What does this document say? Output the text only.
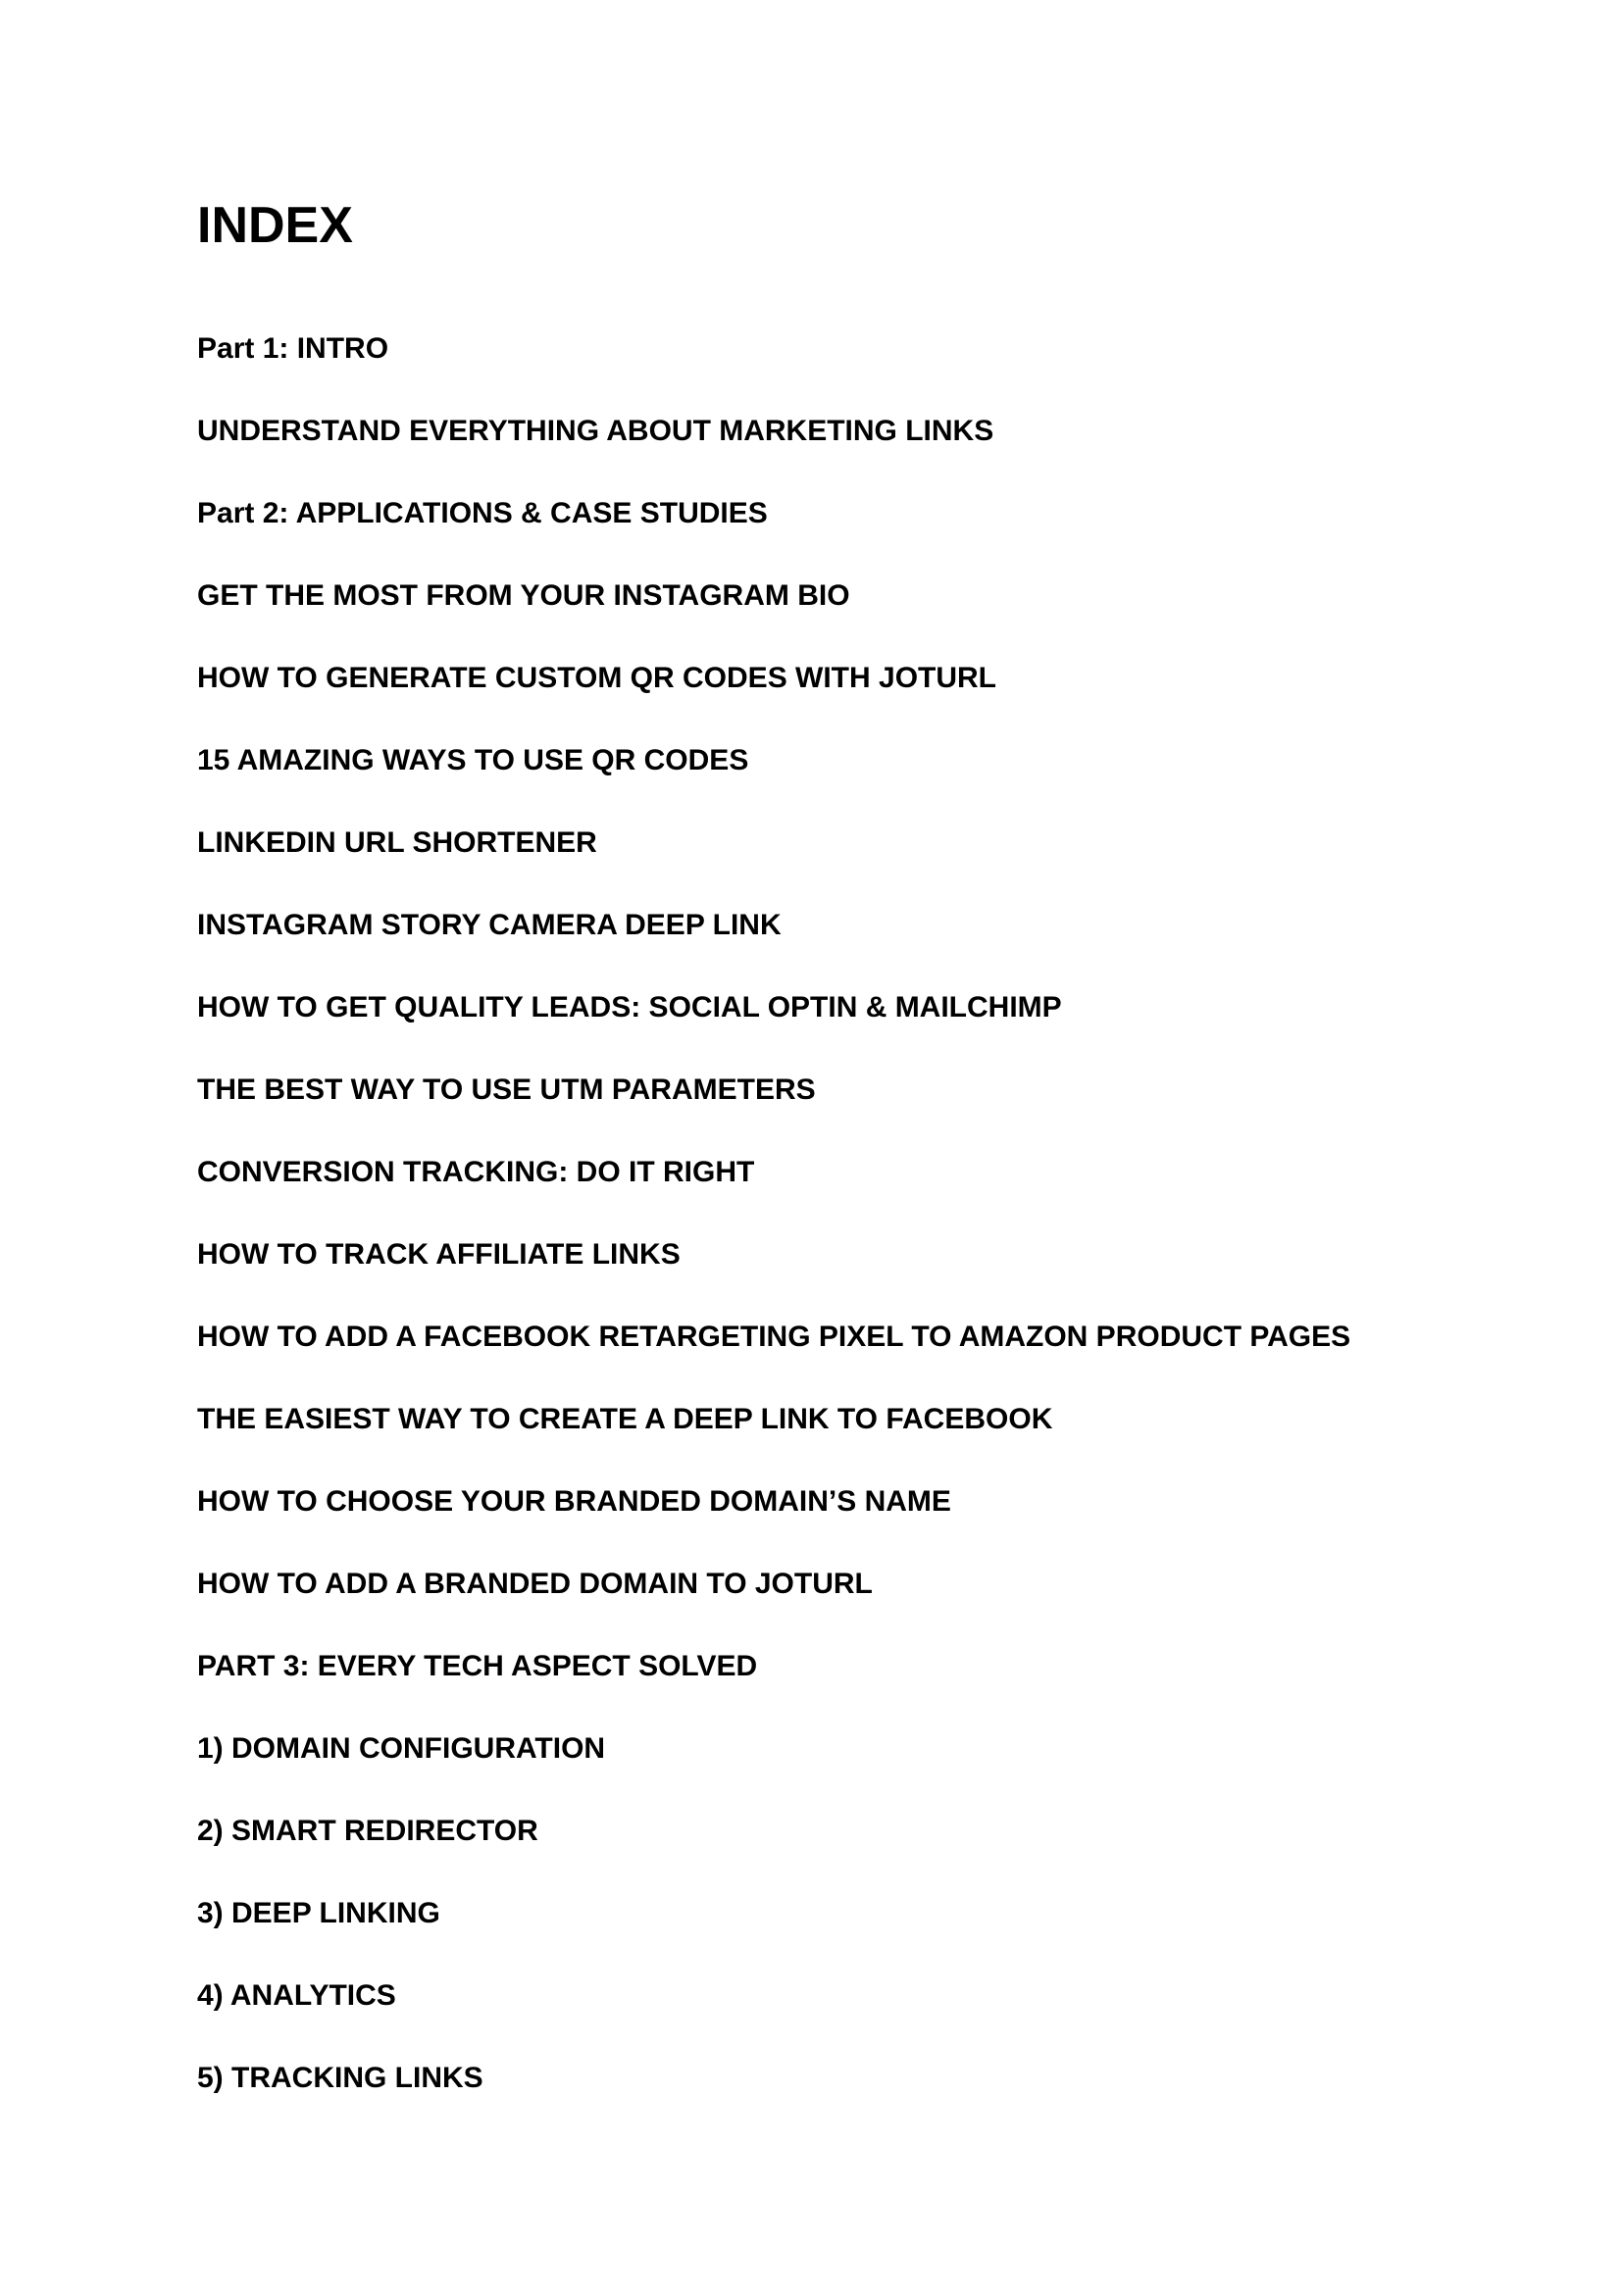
INDEX
Part 1: INTRO
UNDERSTAND EVERYTHING ABOUT MARKETING LINKS
Part 2: APPLICATIONS & CASE STUDIES
GET THE MOST FROM YOUR INSTAGRAM BIO
HOW TO GENERATE CUSTOM QR CODES WITH JOTURL
15 AMAZING WAYS TO USE QR CODES
LINKEDIN URL SHORTENER
INSTAGRAM STORY CAMERA DEEP LINK
HOW TO GET QUALITY LEADS: SOCIAL OPTIN & MAILCHIMP
THE BEST WAY TO USE UTM PARAMETERS
CONVERSION TRACKING: DO IT RIGHT
HOW TO TRACK AFFILIATE LINKS
HOW TO ADD A FACEBOOK RETARGETING PIXEL TO AMAZON PRODUCT PAGES
THE EASIEST WAY TO CREATE A DEEP LINK TO FACEBOOK
HOW TO CHOOSE YOUR BRANDED DOMAIN’S NAME
HOW TO ADD A BRANDED DOMAIN TO JOTURL
PART 3: EVERY TECH ASPECT SOLVED
1) DOMAIN CONFIGURATION
2) SMART REDIRECTOR
3) DEEP LINKING
4) ANALYTICS
5) TRACKING LINKS
